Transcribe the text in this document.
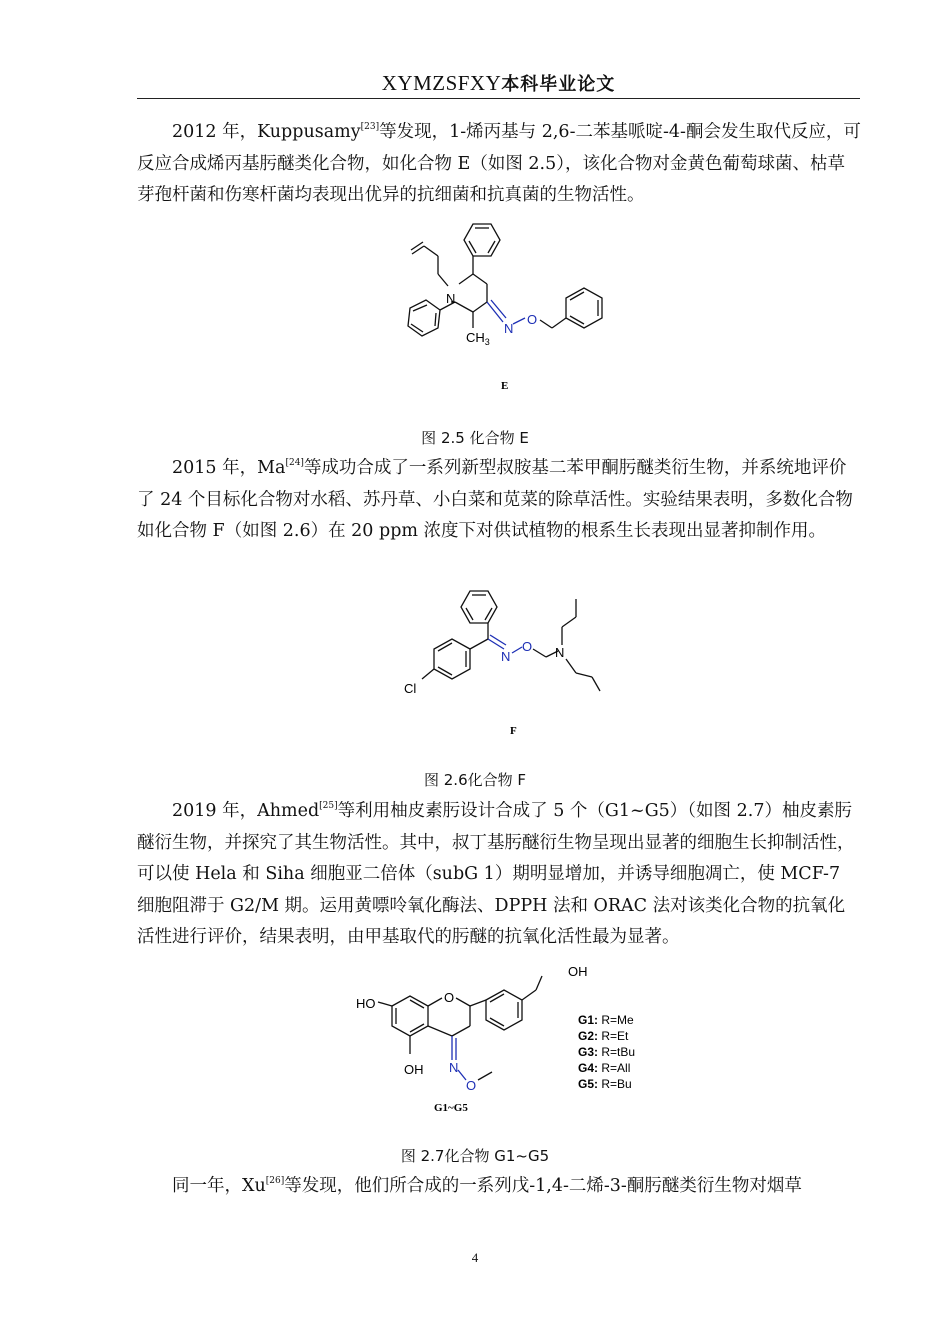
XYMZSFXY本科毕业论文

2012 年，Kuppusamy[23]等发现，1-烯丙基与 2,6-二苯基哌啶-4-酮会发生取代反应，可反应合成烯丙基肟醚类化合物，如化合物 E（如图 2.5），该化合物对金黄色葡萄球菌、枯草芽孢杆菌和伤寒杆菌均表现出优异的抗细菌和抗真菌的生物活性。

N
N
O
$CH_3$
E
图 2.5 化合物 E

2015 年，Ma[24]等成功合成了一系列新型叔胺基二苯甲酮肟醚类衍生物，并系统地评价了 24 个目标化合物对水稻、苏丹草、小白菜和苋菜的除草活性。实验结果表明，多数化合物如化合物 F（如图 2.6）在 20 ppm 浓度下对供试植物的根系生长表现出显著抑制作用。

Cl
N
O N
F
图 2.6化合物 F

2019 年，Ahmed[25]等利用柚皮素肟设计合成了 5 个（G1~G5）（如图 2.7）柚皮素肟醚衍生物，并探究了其生物活性。其中，叔丁基肟醚衍生物呈现出显著的细胞生长抑制活性，可以使 Hela 和 Siha 细胞亚二倍体（subG 1）期明显增加，并诱导细胞凋亡，使 MCF-7 细胞阻滞于 G2/M 期。运用黄嘌呤氧化酶法、DPPH 法和 ORAC 法对该类化合物的抗氧化活性进行评价，结果表明，由甲基取代的肟醚的抗氧化活性最为显著。

HO
OH
OH
O
N
O
G1: R=Me
G2: R=Et
G3: R=tBu
G4: R=All
G5: R=Bu
G1~G5
图 2.7化合物 G1~G5

同一年，Xu[26]等发现，他们所合成的一系列戊-1,4-二烯-3-酮肟醚类衍生物对烟草

4
